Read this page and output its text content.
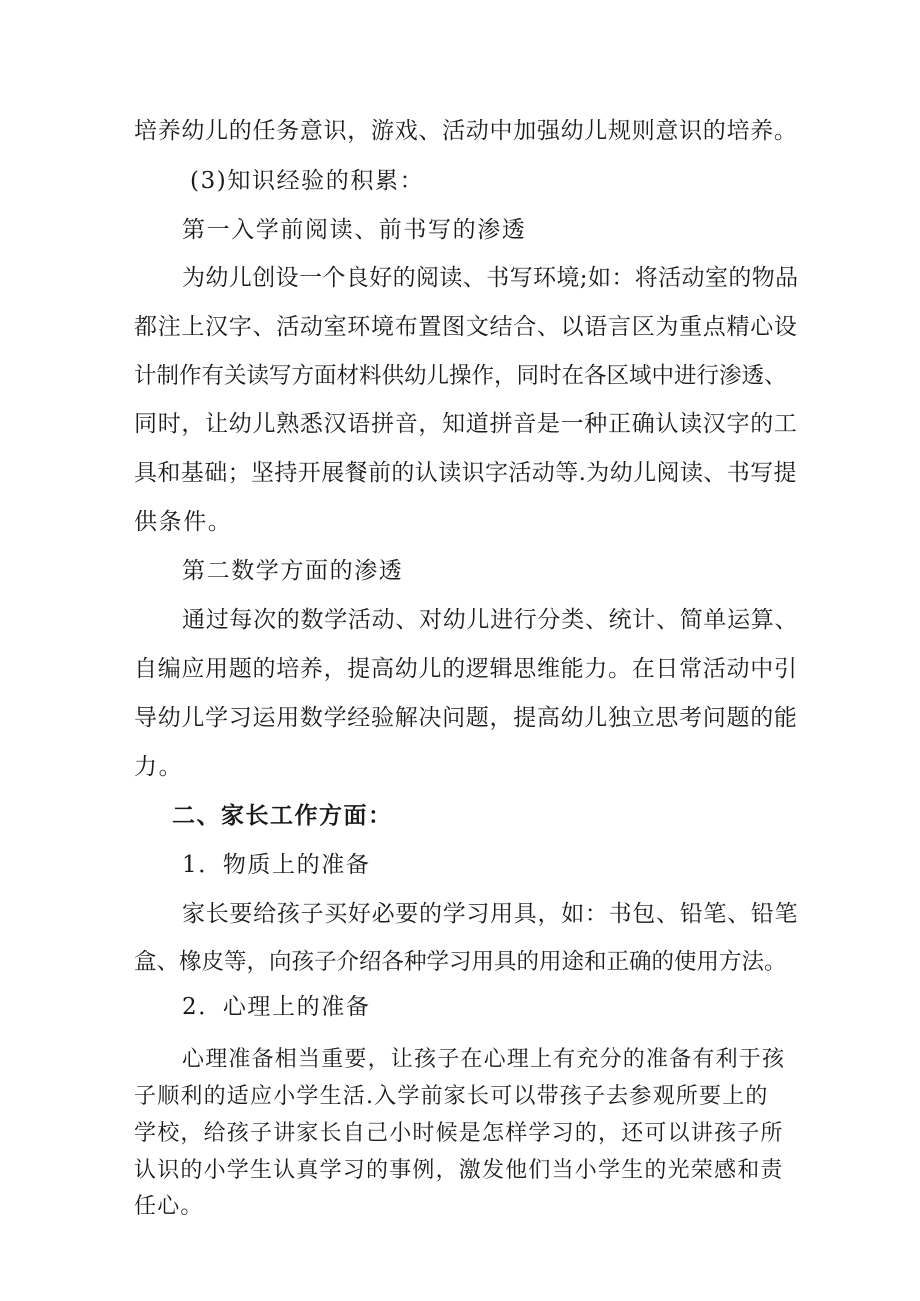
培养幼儿的任务意识，游戏、活动中加强幼儿规则意识的培养。
(3)知识经验的积累：
第一入学前阅读、前书写的渗透
为幼儿创设一个良好的阅读、书写环境;如：将活动室的物品
都注上汉字、活动室环境布置图文结合、以语言区为重点精心设
计制作有关读写方面材料供幼儿操作，同时在各区域中进行渗透、
同时，让幼儿熟悉汉语拼音，知道拼音是一种正确认读汉字的工
具和基础；坚持开展餐前的认读识字活动等.为幼儿阅读、书写提
供条件。
第二数学方面的渗透
通过每次的数学活动、对幼儿进行分类、统计、简单运算、
自编应用题的培养，提高幼儿的逻辑思维能力。在日常活动中引
导幼儿学习运用数学经验解决问题，提高幼儿独立思考问题的能
力。
二、家长工作方面：
1．物质上的准备
家长要给孩子买好必要的学习用具，如：书包、铅笔、铅笔
盒、橡皮等，向孩子介绍各种学习用具的用途和正确的使用方法。
2．心理上的准备
心理准备相当重要，让孩子在心理上有充分的准备有利于孩
子顺利的适应小学生活.入学前家长可以带孩子去参观所要上的
学校，给孩子讲家长自己小时候是怎样学习的，还可以讲孩子所
认识的小学生认真学习的事例，激发他们当小学生的光荣感和责
任心。
